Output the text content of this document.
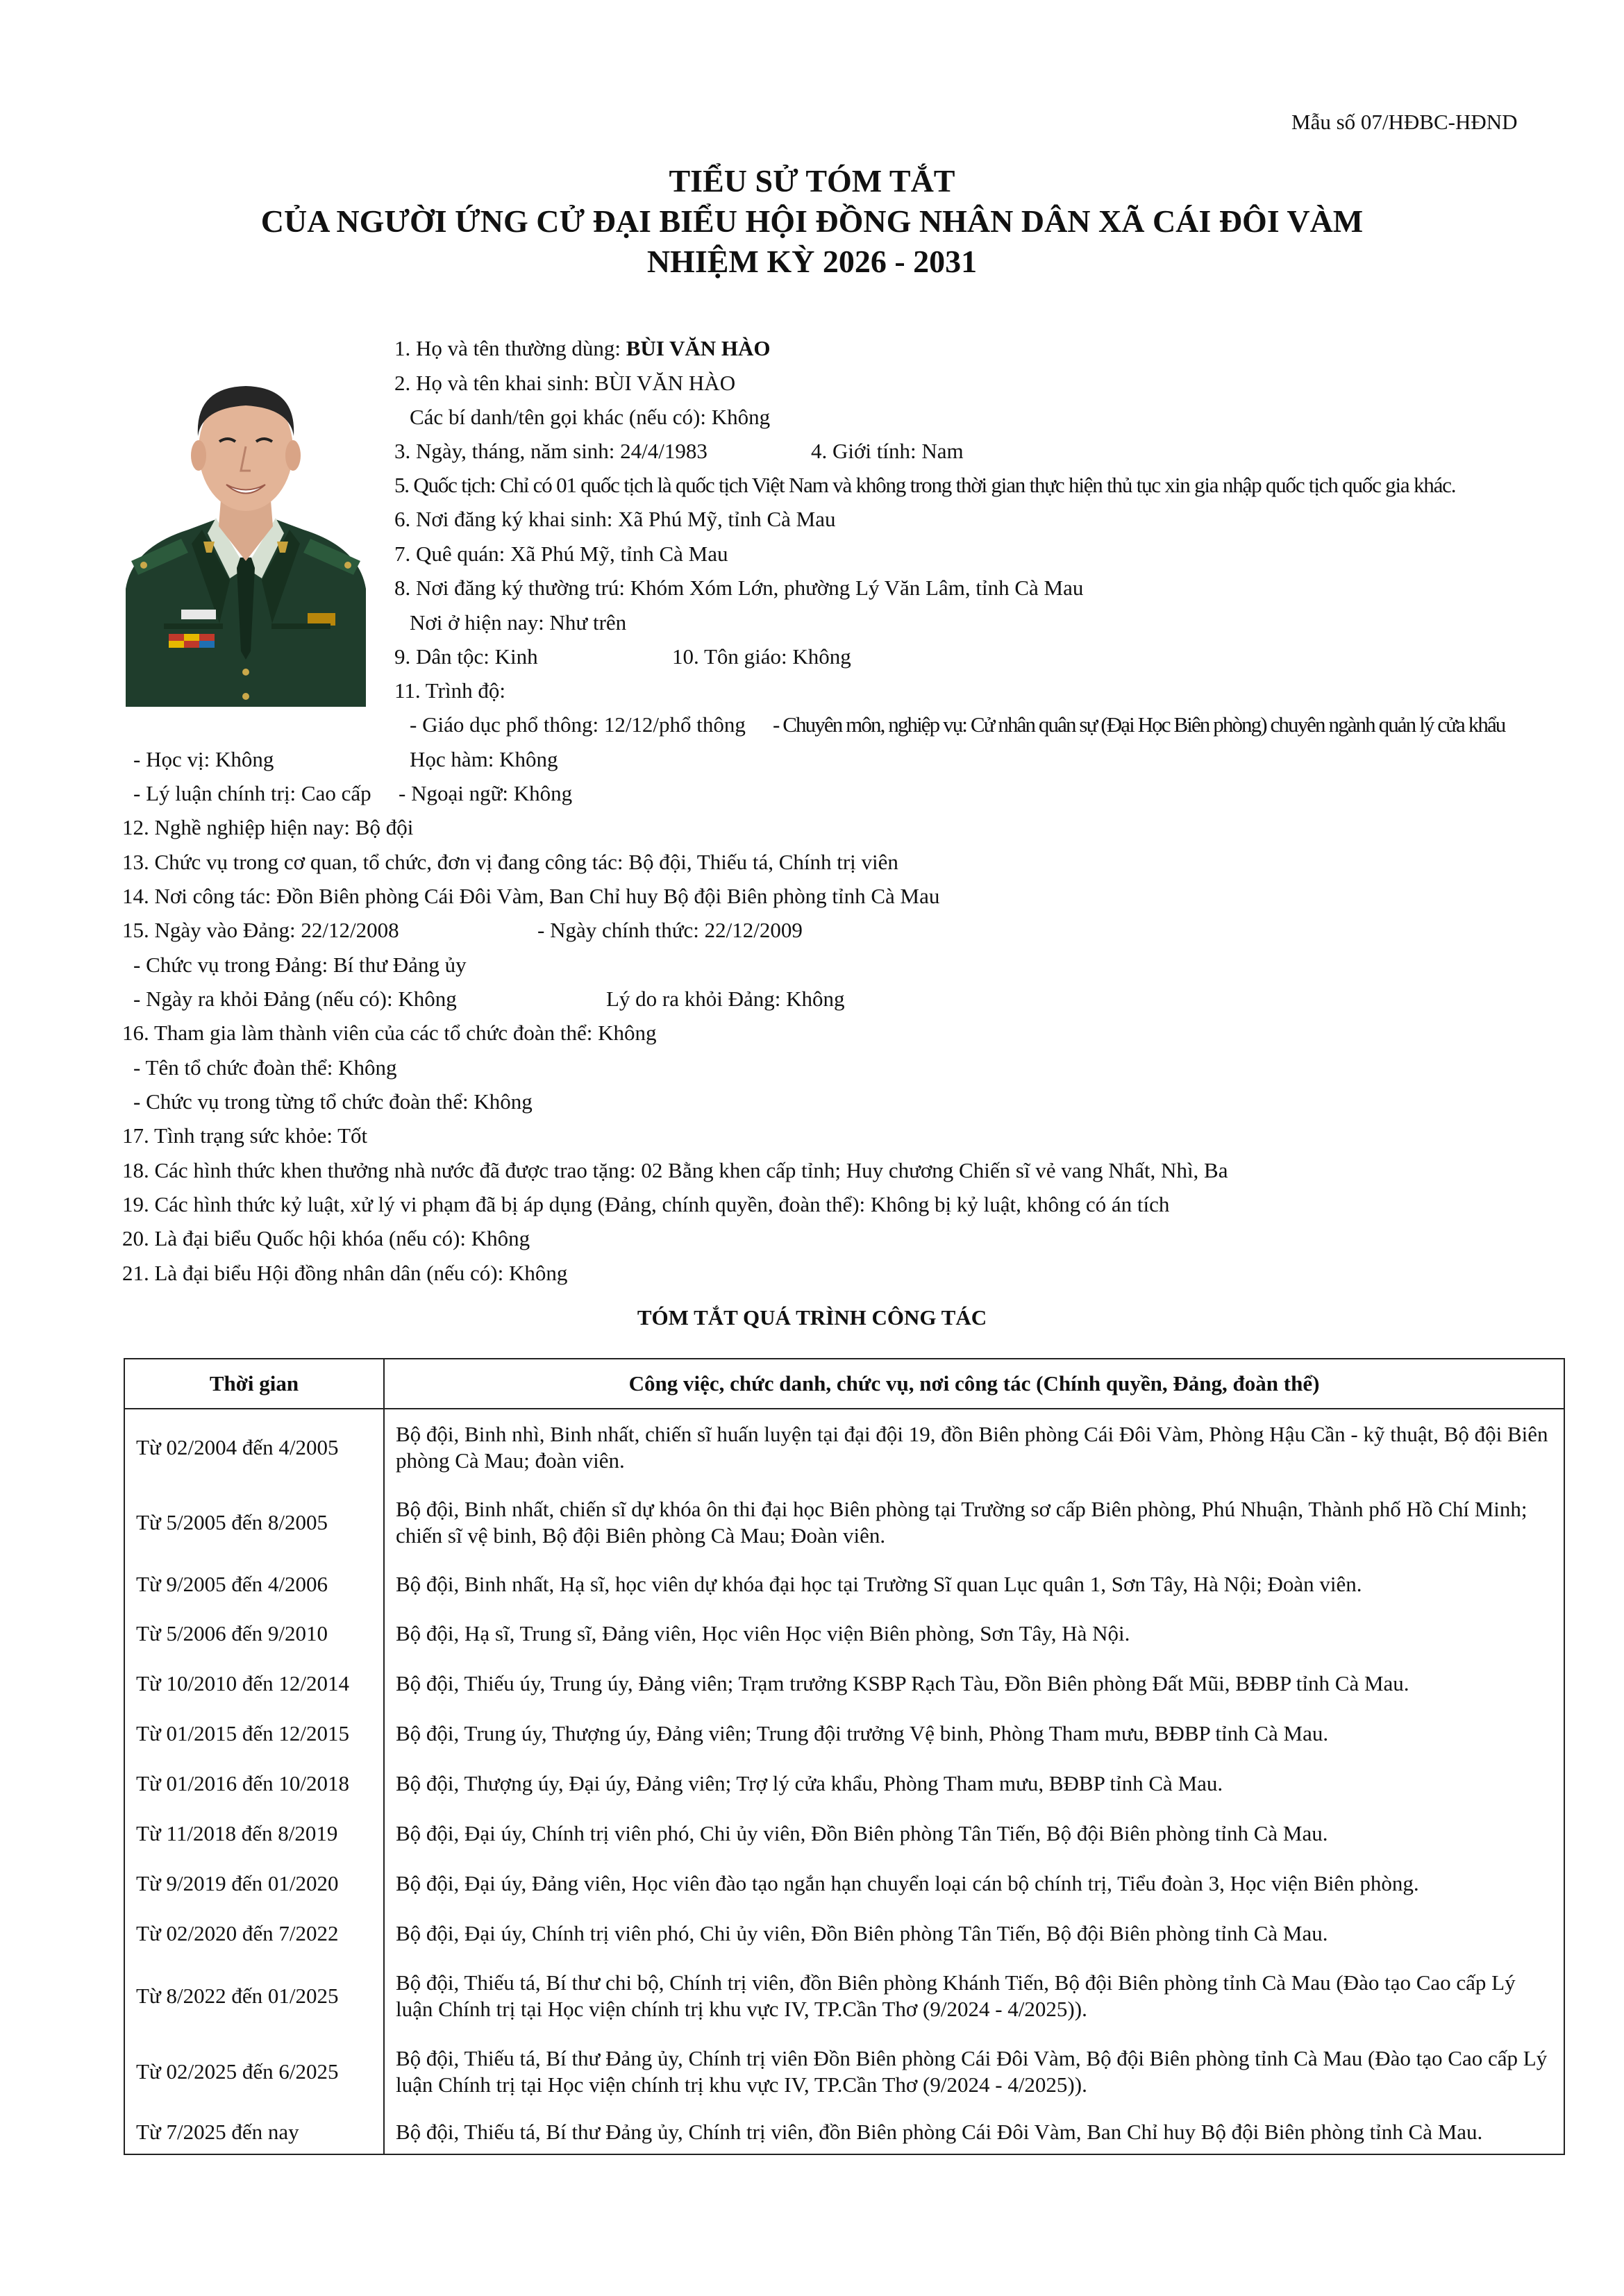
Mẫu số 07/HĐBC-HĐND
TIỂU SỬ TÓM TẮT
CỦA NGƯỜI ỨNG CỬ ĐẠI BIỂU HỘI ĐỒNG NHÂN DÂN XÃ CÁI ĐÔI VÀM
NHIỆM KỲ 2026 - 2031
1. Họ và tên thường dùng: BÙI VĂN HÀO
2. Họ và tên khai sinh: BÙI VĂN HÀO
Các bí danh/tên gọi khác (nếu có): Không
3. Ngày, tháng, năm sinh: 24/4/1983	4. Giới tính: Nam
5. Quốc tịch: Chỉ có 01 quốc tịch là quốc tịch Việt Nam và không trong thời gian thực hiện thủ tục xin gia nhập quốc tịch quốc gia khác.
6. Nơi đăng ký khai sinh: Xã Phú Mỹ, tỉnh Cà Mau
7. Quê quán: Xã Phú Mỹ, tỉnh Cà Mau
8. Nơi đăng ký thường trú: Khóm Xóm Lớn, phường Lý Văn Lâm, tỉnh Cà Mau
Nơi ở hiện nay: Như trên
9. Dân tộc: Kinh	10. Tôn giáo: Không
11. Trình độ:
- Giáo dục phổ thông: 12/12/phổ thông - Chuyên môn, nghiệp vụ: Cử nhân quân sự (Đại Học Biên phòng) chuyên ngành quản lý cửa khẩu
- Học vị: Không	Học hàm: Không
- Lý luận chính trị: Cao cấp - Ngoại ngữ: Không
12. Nghề nghiệp hiện nay: Bộ đội
13. Chức vụ trong cơ quan, tổ chức, đơn vị đang công tác: Bộ đội, Thiếu tá, Chính trị viên
14. Nơi công tác: Đồn Biên phòng Cái Đôi Vàm, Ban Chỉ huy Bộ đội Biên phòng tỉnh Cà Mau
15. Ngày vào Đảng: 22/12/2008	- Ngày chính thức: 22/12/2009
- Chức vụ trong Đảng: Bí thư Đảng ủy
- Ngày ra khỏi Đảng (nếu có): Không	Lý do ra khỏi Đảng: Không
16. Tham gia làm thành viên của các tổ chức đoàn thể: Không
- Tên tổ chức đoàn thể: Không
- Chức vụ trong từng tổ chức đoàn thể: Không
17. Tình trạng sức khỏe: Tốt
18. Các hình thức khen thưởng nhà nước đã được trao tặng: 02 Bằng khen cấp tỉnh; Huy chương Chiến sĩ vẻ vang Nhất, Nhì, Ba
19. Các hình thức kỷ luật, xử lý vi phạm đã bị áp dụng (Đảng, chính quyền, đoàn thể): Không bị kỷ luật, không có án tích
20. Là đại biểu Quốc hội khóa (nếu có): Không
21. Là đại biểu Hội đồng nhân dân (nếu có): Không
TÓM TẮT QUÁ TRÌNH CÔNG TÁC
Thời gian	Công việc, chức danh, chức vụ, nơi công tác (Chính quyền, Đảng, đoàn thể)
Từ 02/2004 đến 4/2005	Bộ đội, Binh nhì, Binh nhất, chiến sĩ huấn luyện tại đại đội 19, đồn Biên phòng Cái Đôi Vàm, Phòng Hậu Cần - kỹ thuật, Bộ đội Biên phòng Cà Mau; đoàn viên.
Từ 5/2005 đến 8/2005	Bộ đội, Binh nhất, chiến sĩ dự khóa ôn thi đại học Biên phòng tại Trường sơ cấp Biên phòng, Phú Nhuận, Thành phố Hồ Chí Minh; chiến sĩ vệ binh, Bộ đội Biên phòng Cà Mau; Đoàn viên.
Từ 9/2005 đến 4/2006	Bộ đội, Binh nhất, Hạ sĩ, học viên dự khóa đại học tại Trường Sĩ quan Lục quân 1, Sơn Tây, Hà Nội; Đoàn viên.
Từ 5/2006 đến 9/2010	Bộ đội, Hạ sĩ, Trung sĩ, Đảng viên, Học viên Học viện Biên phòng, Sơn Tây, Hà Nội.
Từ 10/2010 đến 12/2014	Bộ đội, Thiếu úy, Trung úy, Đảng viên; Trạm trưởng KSBP Rạch Tàu, Đồn Biên phòng Đất Mũi, BĐBP tỉnh Cà Mau.
Từ 01/2015 đến 12/2015	Bộ đội, Trung úy, Thượng úy, Đảng viên; Trung đội trưởng Vệ binh, Phòng Tham mưu, BĐBP tỉnh Cà Mau.
Từ 01/2016 đến 10/2018	Bộ đội, Thượng úy, Đại úy, Đảng viên; Trợ lý cửa khẩu, Phòng Tham mưu, BĐBP tỉnh Cà Mau.
Từ 11/2018 đến 8/2019	Bộ đội, Đại úy, Chính trị viên phó, Chi ủy viên, Đồn Biên phòng Tân Tiến, Bộ đội Biên phòng tỉnh Cà Mau.
Từ 9/2019 đến 01/2020	Bộ đội, Đại úy, Đảng viên, Học viên đào tạo ngắn hạn chuyển loại cán bộ chính trị, Tiểu đoàn 3, Học viện Biên phòng.
Từ 02/2020 đến 7/2022	Bộ đội, Đại úy, Chính trị viên phó, Chi ủy viên, Đồn Biên phòng Tân Tiến, Bộ đội Biên phòng tỉnh Cà Mau.
Từ 8/2022 đến 01/2025	Bộ đội, Thiếu tá, Bí thư chi bộ, Chính trị viên, đồn Biên phòng Khánh Tiến, Bộ đội Biên phòng tỉnh Cà Mau (Đào tạo Cao cấp Lý luận Chính trị tại Học viện chính trị khu vực IV, TP.Cần Thơ (9/2024 - 4/2025)).
Từ 02/2025 đến 6/2025	Bộ đội, Thiếu tá, Bí thư Đảng ủy, Chính trị viên Đồn Biên phòng Cái Đôi Vàm, Bộ đội Biên phòng tỉnh Cà Mau (Đào tạo Cao cấp Lý luận Chính trị tại Học viện chính trị khu vực IV, TP.Cần Thơ (9/2024 - 4/2025)).
Từ 7/2025 đến nay	Bộ đội, Thiếu tá, Bí thư Đảng ủy, Chính trị viên, đồn Biên phòng Cái Đôi Vàm, Ban Chỉ huy Bộ đội Biên phòng tỉnh Cà Mau.
